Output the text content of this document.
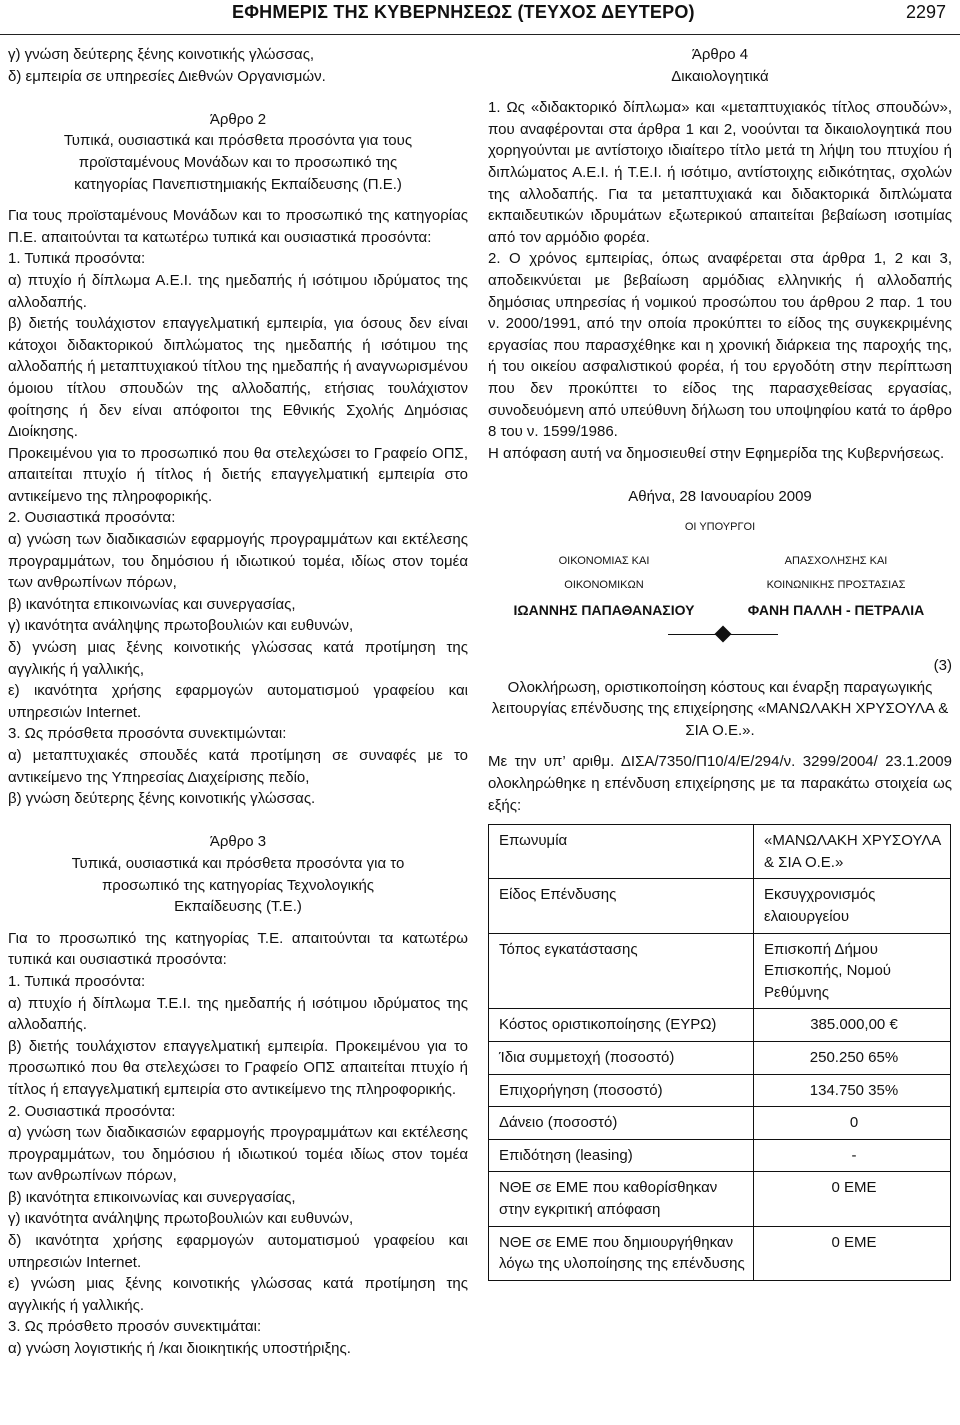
ΕΦΗΜΕΡΙΣ ΤΗΣ ΚΥΒΕΡΝΗΣΕΩΣ (ΤΕΥΧΟΣ ΔΕΥΤΕΡΟ)	2297

γ) γνώση δεύτερης ξένης κοινοτικής γλώσσας,

δ) εμπειρία σε υπηρεσίες Διεθνών Οργανισμών.

Άρθρο 2

Τυπικά, ουσιαστικά και πρόσθετα προσόντα για τους

προϊσταμένους Μονάδων και το προσωπικό της

κατηγορίας Πανεπιστημιακής Εκπαίδευσης (Π.Ε.)

Για τους προϊσταμένους Μονάδων και το προσωπικό της κατηγορίας Π.Ε. απαιτούνται τα κατωτέρω τυπικά και ουσιαστικά προσόντα:

1. Τυπικά προσόντα:

α) πτυχίο ή δίπλωμα Α.Ε.Ι. της ημεδαπής ή ισότιμου ιδρύματος της αλλοδαπής.

β) διετής τουλάχιστον επαγγελματική εμπειρία, για όσους δεν είναι κάτοχοι διδακτορικού διπλώματος της ημεδαπής ή ισότιμου της αλλοδαπής ή μεταπτυχιακού τίτλου της ημεδαπής ή αναγνωρισμένου όμοιου τίτλου σπουδών της αλλοδαπής, ετήσιας τουλάχιστον φοίτησης ή δεν είναι απόφοιτοι της Εθνικής Σχολής Δημόσιας Διοίκησης.

Προκειμένου για το προσωπικό που θα στελεχώσει το Γραφείο ΟΠΣ, απαιτείται πτυχίο ή τίτλος ή διετής επαγγελματική εμπειρία στο αντικείμενο της πληροφορικής.

2. Ουσιαστικά προσόντα:

α) γνώση των διαδικασιών εφαρμογής προγραμμάτων και εκτέλεσης προγραμμάτων, του δημόσιου ή ιδιωτικού τομέα, ιδίως στον τομέα των ανθρωπίνων πόρων,

β) ικανότητα επικοινωνίας και συνεργασίας,

γ) ικανότητα ανάληψης πρωτοβουλιών και ευθυνών,

δ) γνώση μιας ξένης κοινοτικής γλώσσας κατά προτίμηση της αγγλικής ή γαλλικής,

ε) ικανότητα χρήσης εφαρμογών αυτοματισμού γραφείου και υπηρεσιών Internet.

3. Ως πρόσθετα προσόντα συνεκτιμώνται:

α) μεταπτυχιακές σπουδές κατά προτίμηση σε συναφές με το αντικείμενο της Υπηρεσίας Διαχείρισης πεδίο,

β) γνώση δεύτερης ξένης κοινοτικής γλώσσας.

Άρθρο 3

Τυπικά, ουσιαστικά και πρόσθετα προσόντα για το

προσωπικό της κατηγορίας Τεχνολογικής

Εκπαίδευσης (Τ.Ε.)

Για το προσωπικό της κατηγορίας Τ.Ε. απαιτούνται τα κατωτέρω τυπικά και ουσιαστικά προσόντα:

1. Τυπικά προσόντα:

α) πτυχίο ή δίπλωμα Τ.Ε.Ι. της ημεδαπής ή ισότιμου ιδρύματος της αλλοδαπής.

β) διετής τουλάχιστον επαγγελματική εμπειρία. Προκειμένου για το προσωπικό που θα στελεχώσει το Γραφείο ΟΠΣ απαιτείται πτυχίο ή τίτλος ή επαγγελματική εμπειρία στο αντικείμενο της πληροφορικής.

2. Ουσιαστικά προσόντα:

α) γνώση των διαδικασιών εφαρμογής προγραμμάτων και εκτέλεσης προγραμμάτων, του δημόσιου ή ιδιωτικού τομέα ιδίως στον τομέα των ανθρωπίνων πόρων,

β) ικανότητα επικοινωνίας και συνεργασίας,

γ) ικανότητα ανάληψης πρωτοβουλιών και ευθυνών,

δ) ικανότητα χρήσης εφαρμογών αυτοματισμού γραφείου και υπηρεσιών Internet.

ε) γνώση μιας ξένης κοινοτικής γλώσσας κατά προτίμηση της αγγλικής ή γαλλικής.

3. Ως πρόσθετο προσόν συνεκτιμάται:

α) γνώση λογιστικής ή /και διοικητικής υποστήριξης.

Άρθρο 4

Δικαιολογητικά

1. Ως «διδακτορικό δίπλωμα» και «μεταπτυχιακός τίτλος σπουδών», που αναφέρονται στα άρθρα 1 και 2, νοούνται τα δικαιολογητικά που χορηγούνται με αντίστοιχο ιδιαίτερο τίτλο μετά τη λήψη του πτυχίου ή διπλώματος Α.Ε.Ι. ή Τ.Ε.Ι. ή ισότιμο, αντίστοιχης ειδικότητας, σχολών της αλλοδαπής. Για τα μεταπτυχιακά και διδακτορικά διπλώματα εκπαιδευτικών ιδρυμάτων εξωτερικού απαιτείται βεβαίωση ισοτιμίας από τον αρμόδιο φορέα.

2. Ο χρόνος εμπειρίας, όπως αναφέρεται στα άρθρα 1, 2 και 3, αποδεικνύεται με βεβαίωση αρμόδιας ελληνικής ή αλλοδαπής δημόσιας υπηρεσίας ή νομικού προσώπου του άρθρου 2 παρ. 1 του ν. 2000/1991, από την οποία προκύπτει το είδος της συγκεκριμένης εργασίας που παρασχέθηκε και η χρονική διάρκεια της παροχής της, ή του οικείου ασφαλιστικού φορέα, ή του εργοδότη στην περίπτωση που δεν προκύπτει το είδος της παρασχεθείσας εργασίας, συνοδευόμενη από υπεύθυνη δήλωση του υποψηφίου κατά το άρθρο 8 του ν. 1599/1986.

Η απόφαση αυτή να δημοσιευθεί στην Εφημερίδα της Κυβερνήσεως.

Αθήνα, 28 Ιανουαρίου 2009

ΟΙ ΥΠΟΥΡΓΟΙ

ΟΙΚΟΝΟΜΙΑΣ ΚΑΙ	ΑΠΑΣΧΟΛΗΣΗΣ ΚΑΙ
ΟΙΚΟΝΟΜΙΚΩΝ	ΚΟΙΝΩΝΙΚΗΣ ΠΡΟΣΤΑΣΙΑΣ
ΙΩΑΝΝΗΣ ΠΑΠΑΘΑΝΑΣΙΟΥ	ΦΑΝΗ ΠΑΛΛΗ - ΠΕΤΡΑΛΙΑ

(3)

Ολοκλήρωση, οριστικοποίηση κόστους και έναρξη παραγωγικής λειτουργίας επένδυσης της επιχείρησης «ΜΑΝΩΛΑΚΗ ΧΡΥΣΟΥΛΑ & ΣΙΑ Ο.Ε.».

Με την υπ’ αριθμ. ΔΙΣΑ/7350/Π10/4/Ε/294/ν. 3299/2004/ 23.1.2009 ολοκληρώθηκε η επένδυση επιχείρησης με τα παρακάτω στοιχεία ως εξής:

Επωνυμία	«ΜΑΝΩΛΑΚΗ ΧΡΥΣΟΥΛΑ & ΣΙΑ Ο.Ε.»
Είδος Επένδυσης	Εκσυγχρονισμός ελαιουργείου
Τόπος εγκατάστασης	Επισκοπή Δήμου Επισκοπής, Νομού Ρεθύμνης
Κόστος οριστικοποίησης (ΕΥΡΩ)	385.000,00 €
Ίδια συμμετοχή (ποσοστό)	250.250 65%
Επιχορήγηση (ποσοστό)	134.750 35%
Δάνειο (ποσοστό)	0
Επιδότηση (leasing)	-
ΝΘΕ σε ΕΜΕ που καθορίσθηκαν στην εγκριτική απόφαση	0 ΕΜΕ
ΝΘΕ σε ΕΜΕ που δημιουργήθηκαν λόγω της υλοποίησης της επένδυσης	0 ΕΜΕ
